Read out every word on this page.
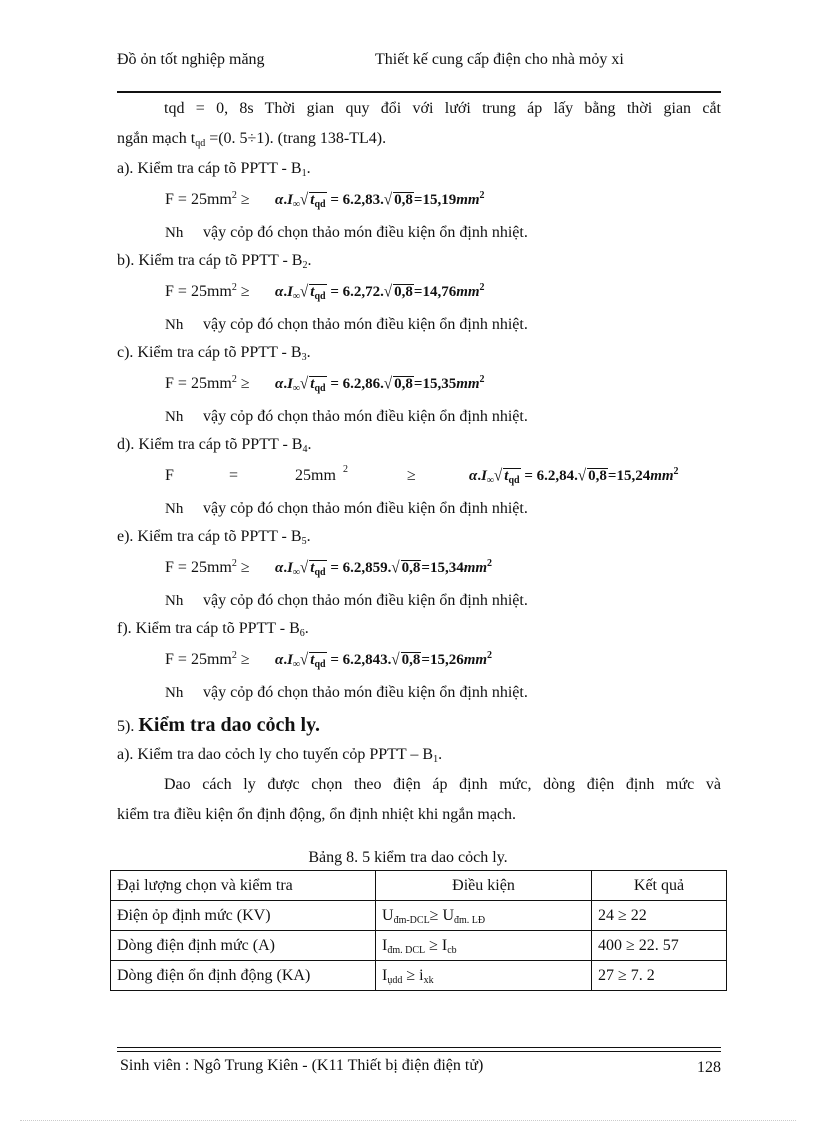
Đồ ỏn tốt nghiệp măng	Thiết kế cung cấp điện cho nhà mỏy xi
tqd = 0, 8s Thời gian quy đổi với lưới trung áp lấy bằng thời gian cắt
ngắn mạch $t_{qd} =(0$. 5÷1). (trang 138-TL4).
a). Kiểm tra cáp tõ PPTT - $B_1$.
$F = 25mm^2 \ge \alpha.I_\infty√$ $t_{qd} = 6.2,83.√$ $0,8=15,19mm^2$
Nh vậy cỏp đó chọn thảo món điều kiện ổn định nhiệt.
b). Kiểm tra cáp tõ PPTT - $B_2$.
$F = 25mm^2 \ge \alpha.I_\infty√$ $t_{qd} = 6.2,72.√$ $0,8=14,76mm^2$
Nh vậy cỏp đó chọn thảo món điều kiện ổn định nhiệt.
c). Kiểm tra cáp tõ PPTT - $B_3$.
$F = 25mm^2 \ge \alpha.I_\infty√$ $t_{qd} = 6.2,86.√$ $0,8=15,35mm^2$
Nh vậy cỏp đó chọn thảo món điều kiện ổn định nhiệt.
d). Kiểm tra cáp tõ PPTT - $B_4$.
F	=	25mm	≥
$^2$	$\alpha.I_\infty√$ $t_{qd} = 6.2,84.√$ $0,8=15,24mm^2$
Nh vậy cỏp đó chọn thảo món điều kiện ổn định nhiệt.
e). Kiểm tra cáp tõ PPTT - $B_5$.
$F = 25mm^2 \ge \alpha.I_\infty√$ $t_{qd} = 6.2,859.√$ $0,8=15,34mm^2$
Nh vậy cỏp đó chọn thảo món điều kiện ổn định nhiệt.
f). Kiểm tra cáp tõ PPTT - $B_6$.
$F = 25mm^2 \ge \alpha.I_\infty√$ $t_{qd} = 6.2,843.√$ $0,8=15,26mm^2$
Nh vậy cỏp đó chọn thảo món điều kiện ổn định nhiệt.
5). Kiểm tra dao cỏch ly.
a). Kiểm tra dao cỏch ly cho tuyến cỏp PPTT – $B_1$.
Dao cách ly được chọn theo điện áp định mức, dòng điện định mức và
kiểm tra điều kiện ổn định động, ổn định nhiệt khi ngắn mạch.
Bảng 8. 5 kiểm tra dao cỏch ly.
Đại lượng chọn và kiểm tra	Điều kiện	Kết quả
Điện ỏp định mức (KV)	$U_{đm-DCL}\ge U_{đm. LĐ}$	24 ≥ 22
Dòng điện định mức (A)	$I_{đm. DCL} \ge I_{cb}$	400 ≥ 22. 57
Dòng điện ổn định động (KA)	$I_{ụdd} \ge i_{xk}$	27 ≥ 7. 2
Sinh viên : Ngô Trung Kiên - (K11 Thiết bị điện điện tử)	128
